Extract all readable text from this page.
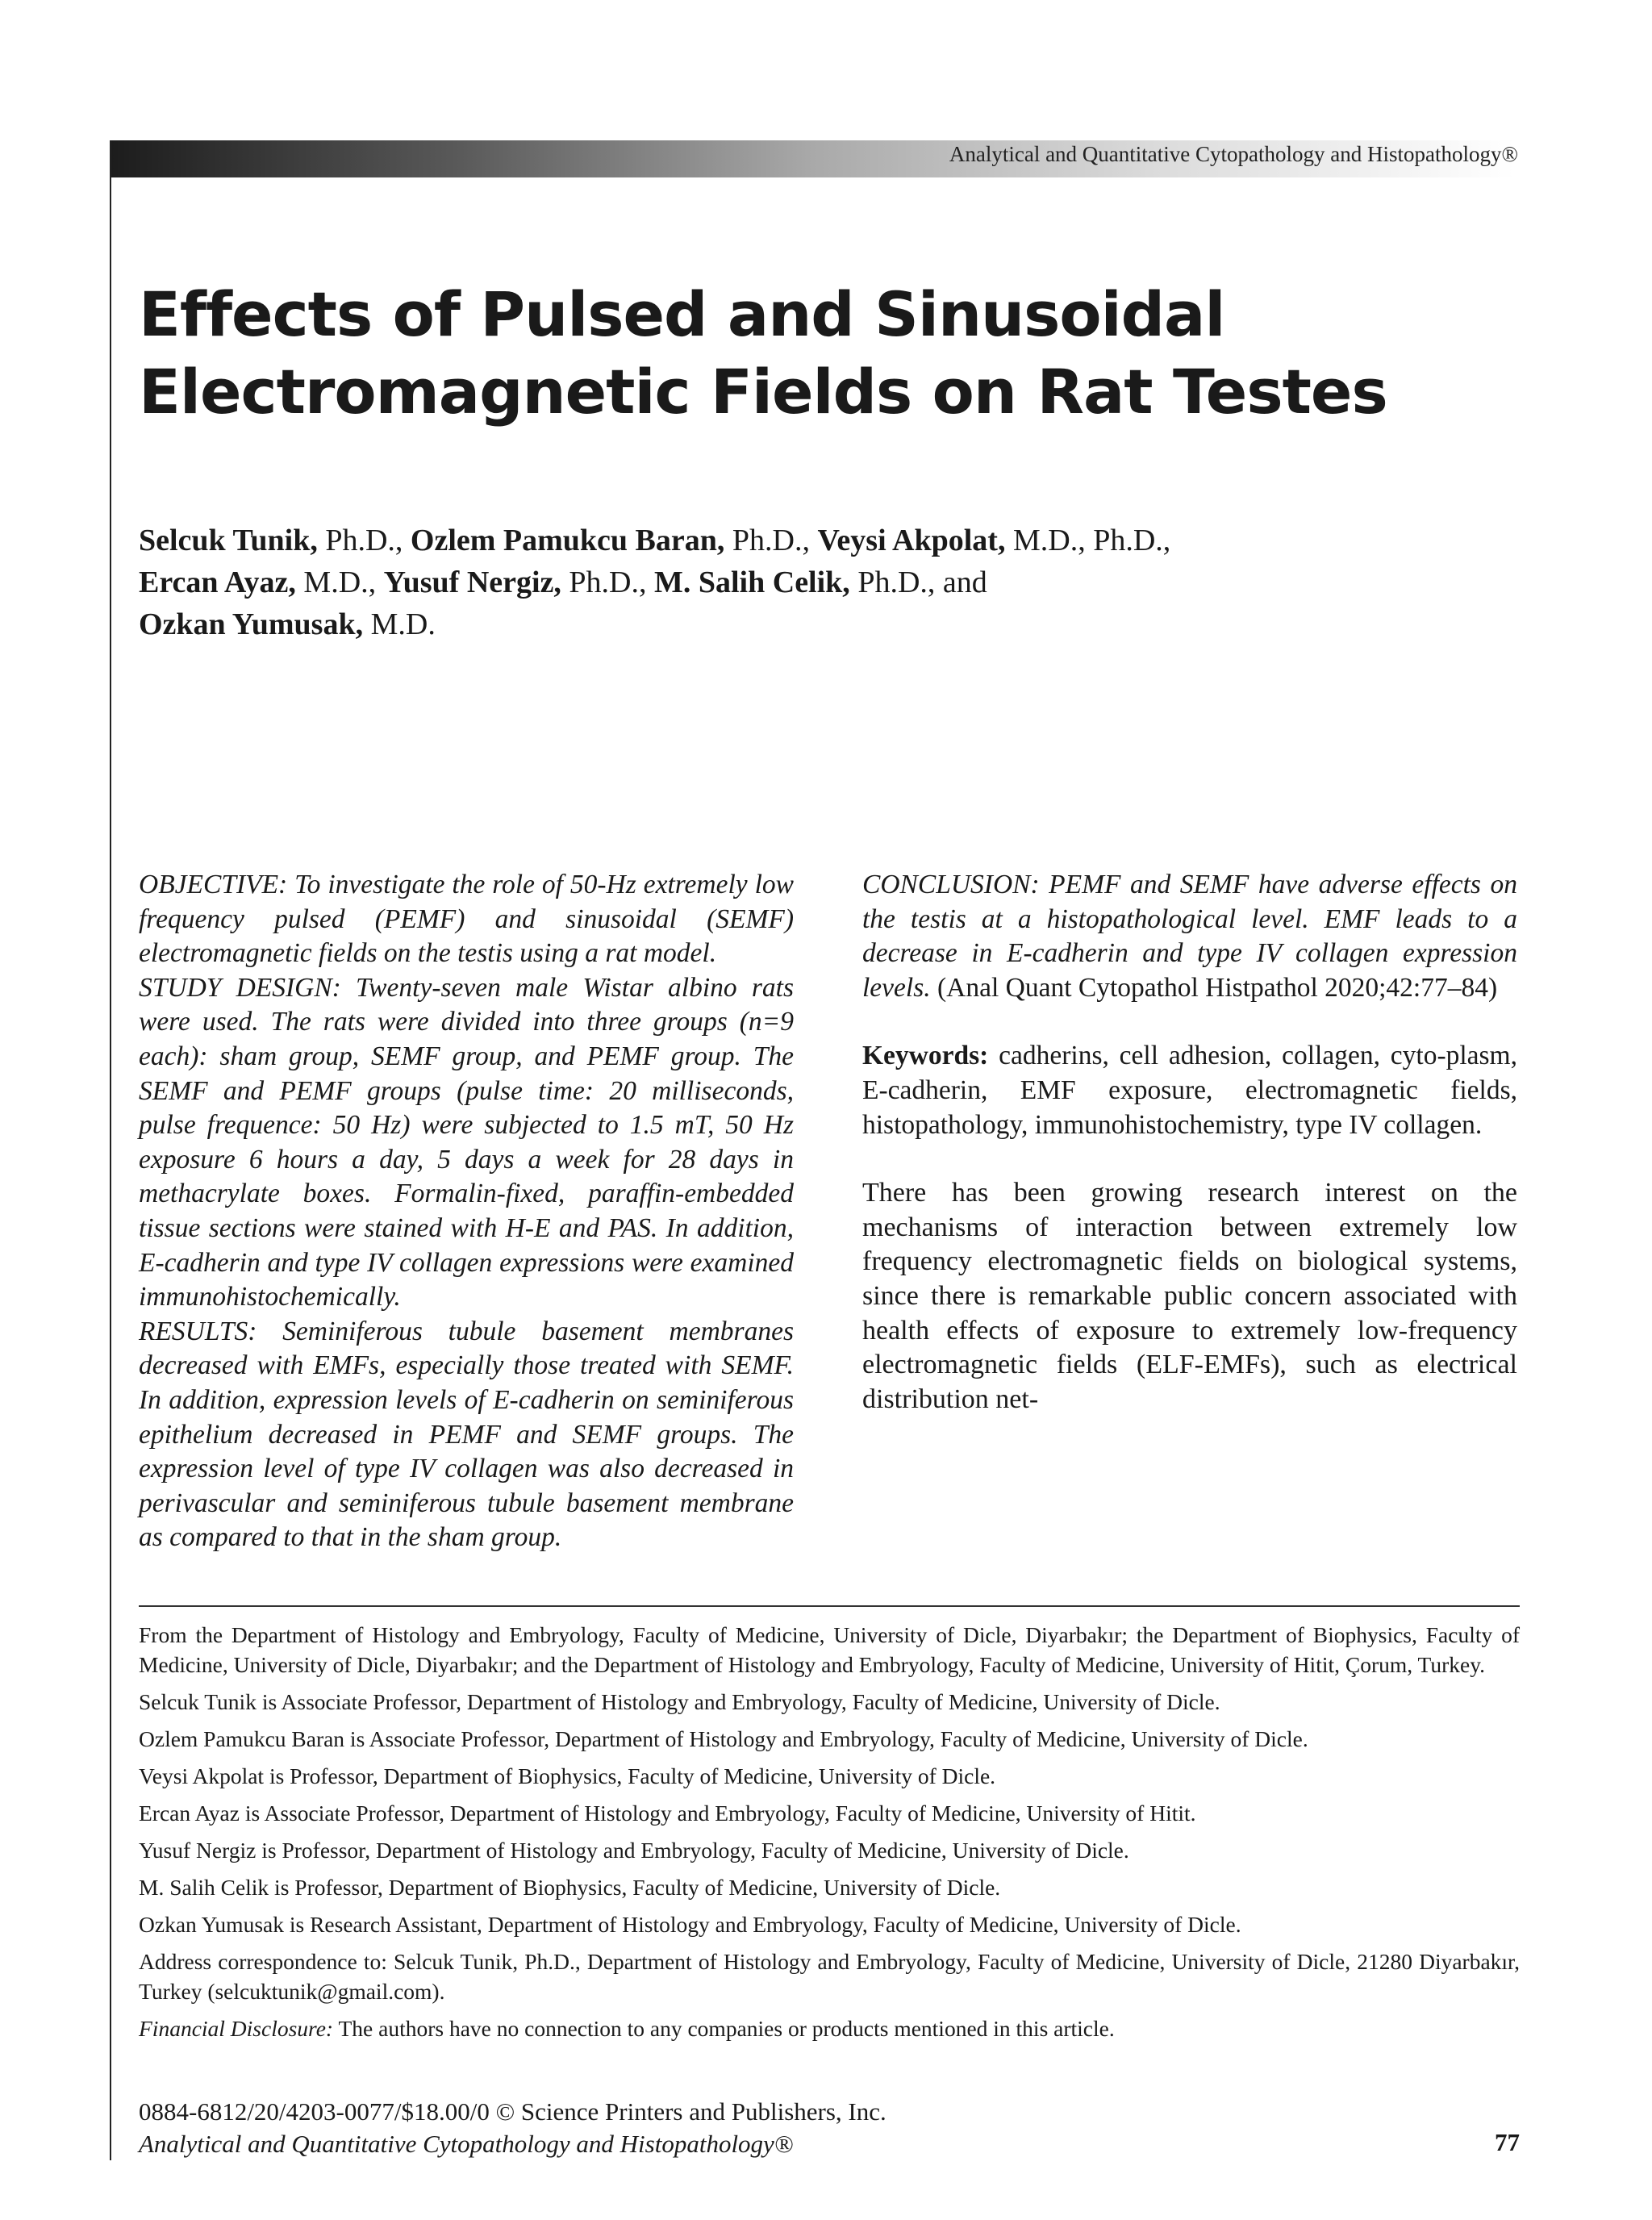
Analytical and Quantitative Cytopathology and Histopathology®
Effects of Pulsed and Sinusoidal
Electromagnetic Fields on Rat Testes
Selcuk Tunik, Ph.D., Ozlem Pamukcu Baran, Ph.D., Veysi Akpolat, M.D., Ph.D.,
Ercan Ayaz, M.D., Yusuf Nergiz, Ph.D., M. Salih Celik, Ph.D., and
Ozkan Yumusak, M.D.

OBJECTIVE: To investigate the role of 50-Hz extremely low frequency pulsed (PEMF) and sinusoidal (SEMF) electromagnetic fields on the testis using a rat model.

STUDY DESIGN: Twenty-seven male Wistar albino rats were used. The rats were divided into three groups (n=9 each): sham group, SEMF group, and PEMF group. The SEMF and PEMF groups (pulse time: 20 milliseconds, pulse frequence: 50 Hz) were subjected to 1.5 mT, 50 Hz exposure 6 hours a day, 5 days a week for 28 days in methacrylate boxes. Formalin-fixed, paraffin-embedded tissue sections were stained with H-E and PAS. In addition, E-cadherin and type IV collagen expressions were examined immunohistochemically.

RESULTS: Seminiferous tubule basement membranes decreased with EMFs, especially those treated with SEMF. In addition, expression levels of E-cadherin on seminiferous epithelium decreased in PEMF and SEMF groups. The expression level of type IV collagen was also decreased in perivascular and seminiferous tubule basement membrane as compared to that in the sham group.

CONCLUSION: PEMF and SEMF have adverse effects on the testis at a histopathological level. EMF leads to a decrease in E-cadherin and type IV collagen expression levels. (Anal Quant Cytopathol Histpathol 2020;42:77–84)

Keywords: cadherins, cell adhesion, collagen, cyto-plasm, E-cadherin, EMF exposure, electromagnetic fields, histopathology, immunohistochemistry, type IV collagen.

There has been growing research interest on the mechanisms of interaction between extremely low frequency electromagnetic fields on biological systems, since there is remarkable public concern associated with health effects of exposure to extremely low-frequency electromagnetic fields (ELF-EMFs), such as electrical distribution net-

From the Department of Histology and Embryology, Faculty of Medicine, University of Dicle, Diyarbakır; the Department of Biophysics, Faculty of Medicine, University of Dicle, Diyarbakır; and the Department of Histology and Embryology, Faculty of Medicine, University of Hitit, Çorum, Turkey.

Selcuk Tunik is Associate Professor, Department of Histology and Embryology, Faculty of Medicine, University of Dicle.

Ozlem Pamukcu Baran is Associate Professor, Department of Histology and Embryology, Faculty of Medicine, University of Dicle.

Veysi Akpolat is Professor, Department of Biophysics, Faculty of Medicine, University of Dicle.

Ercan Ayaz is Associate Professor, Department of Histology and Embryology, Faculty of Medicine, University of Hitit.

Yusuf Nergiz is Professor, Department of Histology and Embryology, Faculty of Medicine, University of Dicle.

M. Salih Celik is Professor, Department of Biophysics, Faculty of Medicine, University of Dicle.

Ozkan Yumusak is Research Assistant, Department of Histology and Embryology, Faculty of Medicine, University of Dicle.

Address correspondence to: Selcuk Tunik, Ph.D., Department of Histology and Embryology, Faculty of Medicine, University of Dicle, 21280 Diyarbakır, Turkey (selcuktunik@gmail.com).

Financial Disclosure: The authors have no connection to any companies or products mentioned in this article.

0884-6812/20/4203-0077/$18.00/0 © Science Printers and Publishers, Inc.
Analytical and Quantitative Cytopathology and Histopathology®	77
